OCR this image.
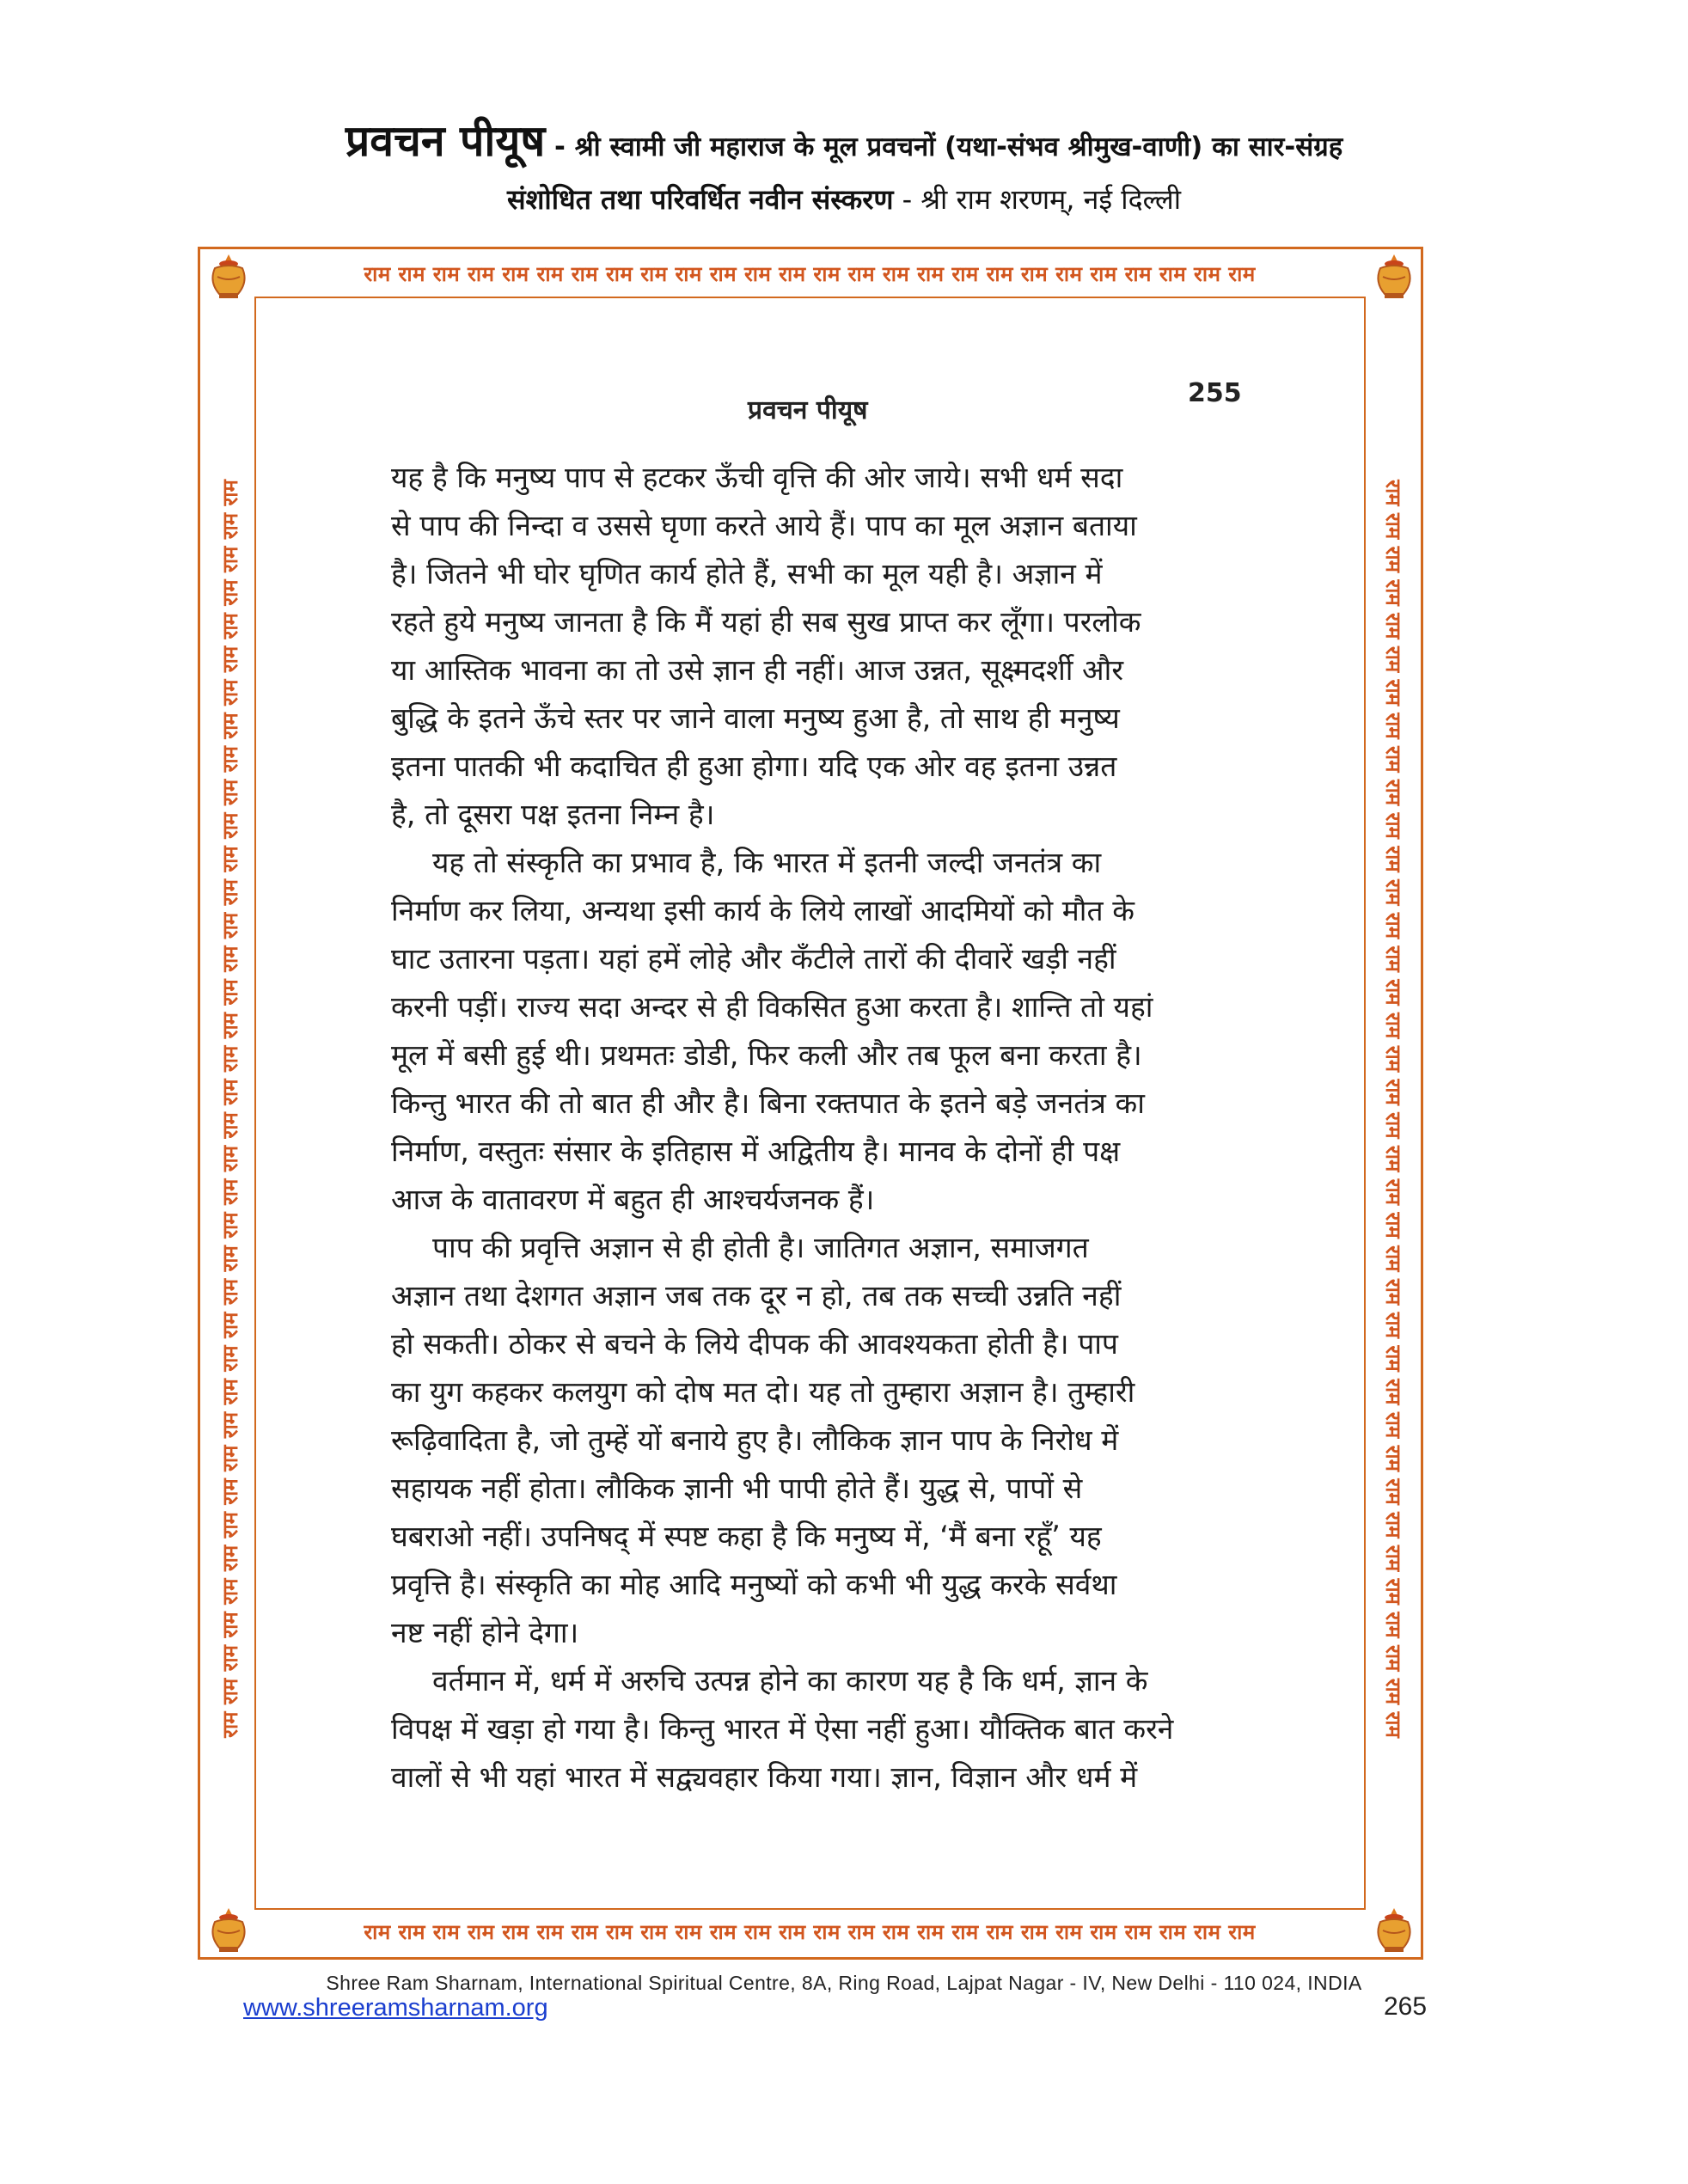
प्रवचन पीयूष - श्री स्वामी जी महाराज के मूल प्रवचनों (यथा-संभव श्रीमुख-वाणी) का सार-संग्रह
संशोधित तथा परिवर्धित नवीन संस्करण - श्री राम शरणम्, नई दिल्ली
राम राम राम राम राम राम राम राम राम राम राम राम राम राम राम राम राम राम राम राम राम राम राम राम राम राम
राम राम राम राम राम राम राम राम राम राम राम राम राम राम राम राम राम राम राम राम राम राम राम राम राम राम
राम राम राम राम राम राम राम राम राम राम राम राम राम राम राम राम राम राम राम राम राम राम राम राम राम राम राम राम राम राम राम राम राम राम राम राम राम राम	राम राम राम राम राम राम राम राम राम राम राम राम राम राम राम राम राम राम राम राम राम राम राम राम राम राम राम राम राम राम राम राम राम राम राम राम राम राम
प्रवचन पीयूष
255
यह है कि मनुष्य पाप से हटकर ऊँची वृत्ति की ओर जाये। सभी धर्म सदा
से पाप की निन्दा व उससे घृणा करते आये हैं। पाप का मूल अज्ञान बताया
है। जितने भी घोर घृणित कार्य होते हैं, सभी का मूल यही है। अज्ञान में
रहते हुये मनुष्य जानता है कि मैं यहां ही सब सुख प्राप्त कर लूँगा। परलोक
या आस्तिक भावना का तो उसे ज्ञान ही नहीं। आज उन्नत, सूक्ष्मदर्शी और
बुद्धि के इतने ऊँचे स्तर पर जाने वाला मनुष्य हुआ है, तो साथ ही मनुष्य
इतना पातकी भी कदाचित ही हुआ होगा। यदि एक ओर वह इतना उन्नत
है, तो दूसरा पक्ष इतना निम्न है।
यह तो संस्कृति का प्रभाव है, कि भारत में इतनी जल्दी जनतंत्र का
निर्माण कर लिया, अन्यथा इसी कार्य के लिये लाखों आदमियों को मौत के
घाट उतारना पड़ता। यहां हमें लोहे और कँटीले तारों की दीवारें खड़ी नहीं
करनी पड़ीं। राज्य सदा अन्दर से ही विकसित हुआ करता है। शान्ति तो यहां
मूल में बसी हुई थी। प्रथमतः डोडी, फिर कली और तब फूल बना करता है।
किन्तु भारत की तो बात ही और है। बिना रक्तपात के इतने बड़े जनतंत्र का
निर्माण, वस्तुतः संसार के इतिहास में अद्वितीय है। मानव के दोनों ही पक्ष
आज के वातावरण में बहुत ही आश्चर्यजनक हैं।
पाप की प्रवृत्ति अज्ञान से ही होती है। जातिगत अज्ञान, समाजगत
अज्ञान तथा देशगत अज्ञान जब तक दूर न हो, तब तक सच्ची उन्नति नहीं
हो सकती। ठोकर से बचने के लिये दीपक की आवश्यकता होती है। पाप
का युग कहकर कलयुग को दोष मत दो। यह तो तुम्हारा अज्ञान है। तुम्हारी
रूढ़िवादिता है, जो तुम्हें यों बनाये हुए है। लौकिक ज्ञान पाप के निरोध में
सहायक नहीं होता। लौकिक ज्ञानी भी पापी होते हैं। युद्ध से, पापों से
घबराओ नहीं। उपनिषद् में स्पष्ट कहा है कि मनुष्य में, ‘मैं बना रहूँ’ यह
प्रवृत्ति है। संस्कृति का मोह आदि मनुष्यों को कभी भी युद्ध करके सर्वथा
नष्ट नहीं होने देगा।
वर्तमान में, धर्म में अरुचि उत्पन्न होने का कारण यह है कि धर्म, ज्ञान के
विपक्ष में खड़ा हो गया है। किन्तु भारत में ऐसा नहीं हुआ। यौक्तिक बात करने
वालों से भी यहां भारत में सद्व्यवहार किया गया। ज्ञान, विज्ञान और धर्म में
Shree Ram Sharnam, International Spiritual Centre, 8A, Ring Road, Lajpat Nagar - IV, New Delhi - 110 024, INDIA
www.shreeramsharnam.org	265
